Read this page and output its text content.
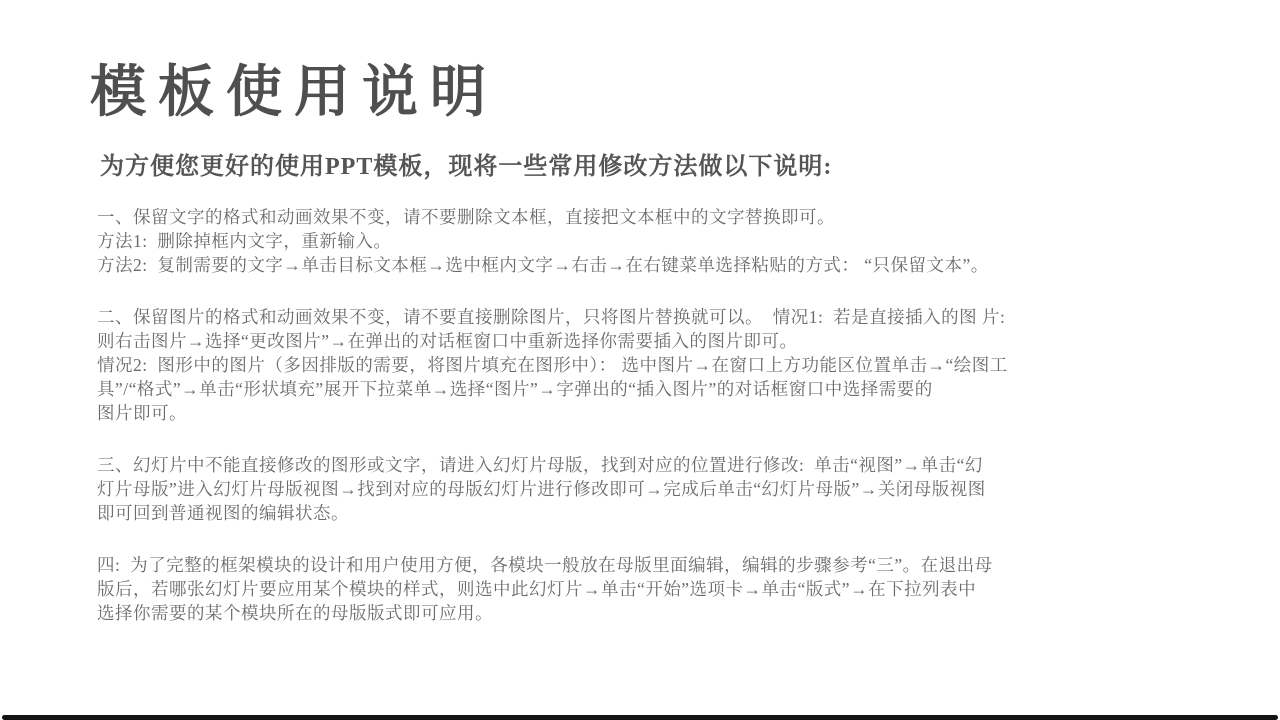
模板使用说明

为方便您更好的使用PPT模板，现将一些常用修改方法做以下说明:

一、保留文字的格式和动画效果不变，请不要删除文本框，直接把文本框中的文字替换即可。
方法1:  删除掉框内文字，重新输入。
方法2:  复制需要的文字→单击目标文本框→选中框内文字→右击→在右键菜单选择粘贴的方式： “只保留文本”。
二、保留图片的格式和动画效果不变，请不要直接删除图片，只将图片替换就可以。  情况1:  若是直接插入的图 片:
则右击图片→选择“更改图片”→在弹出的对话框窗口中重新选择你需要插入的图片即可。
情况2:  图形中的图片（多因排版的需要，将图片填充在图形中）： 选中图片→在窗口上方功能区位置单击→“绘图工
具”/“格式”→单击“形状填充”展开下拉菜单→选择“图片”→字弹出的“插入图片”的对话框窗口中选择需要的
图片即可。
三、幻灯片中不能直接修改的图形或文字，请进入幻灯片母版，找到对应的位置进行修改:  单击“视图”→单击“幻
灯片母版”进入幻灯片母版视图→找到对应的母版幻灯片进行修改即可→完成后单击“幻灯片母版”→关闭母版视图
即可回到普通视图的编辑状态。
四:  为了完整的框架模块的设计和用户使用方便，各模块一般放在母版里面编辑，编辑的步骤参考“三”。在退出母
版后，若哪张幻灯片要应用某个模块的样式，则选中此幻灯片→单击“开始”选项卡→单击“版式”→在下拉列表中
选择你需要的某个模块所在的母版版式即可应用。
